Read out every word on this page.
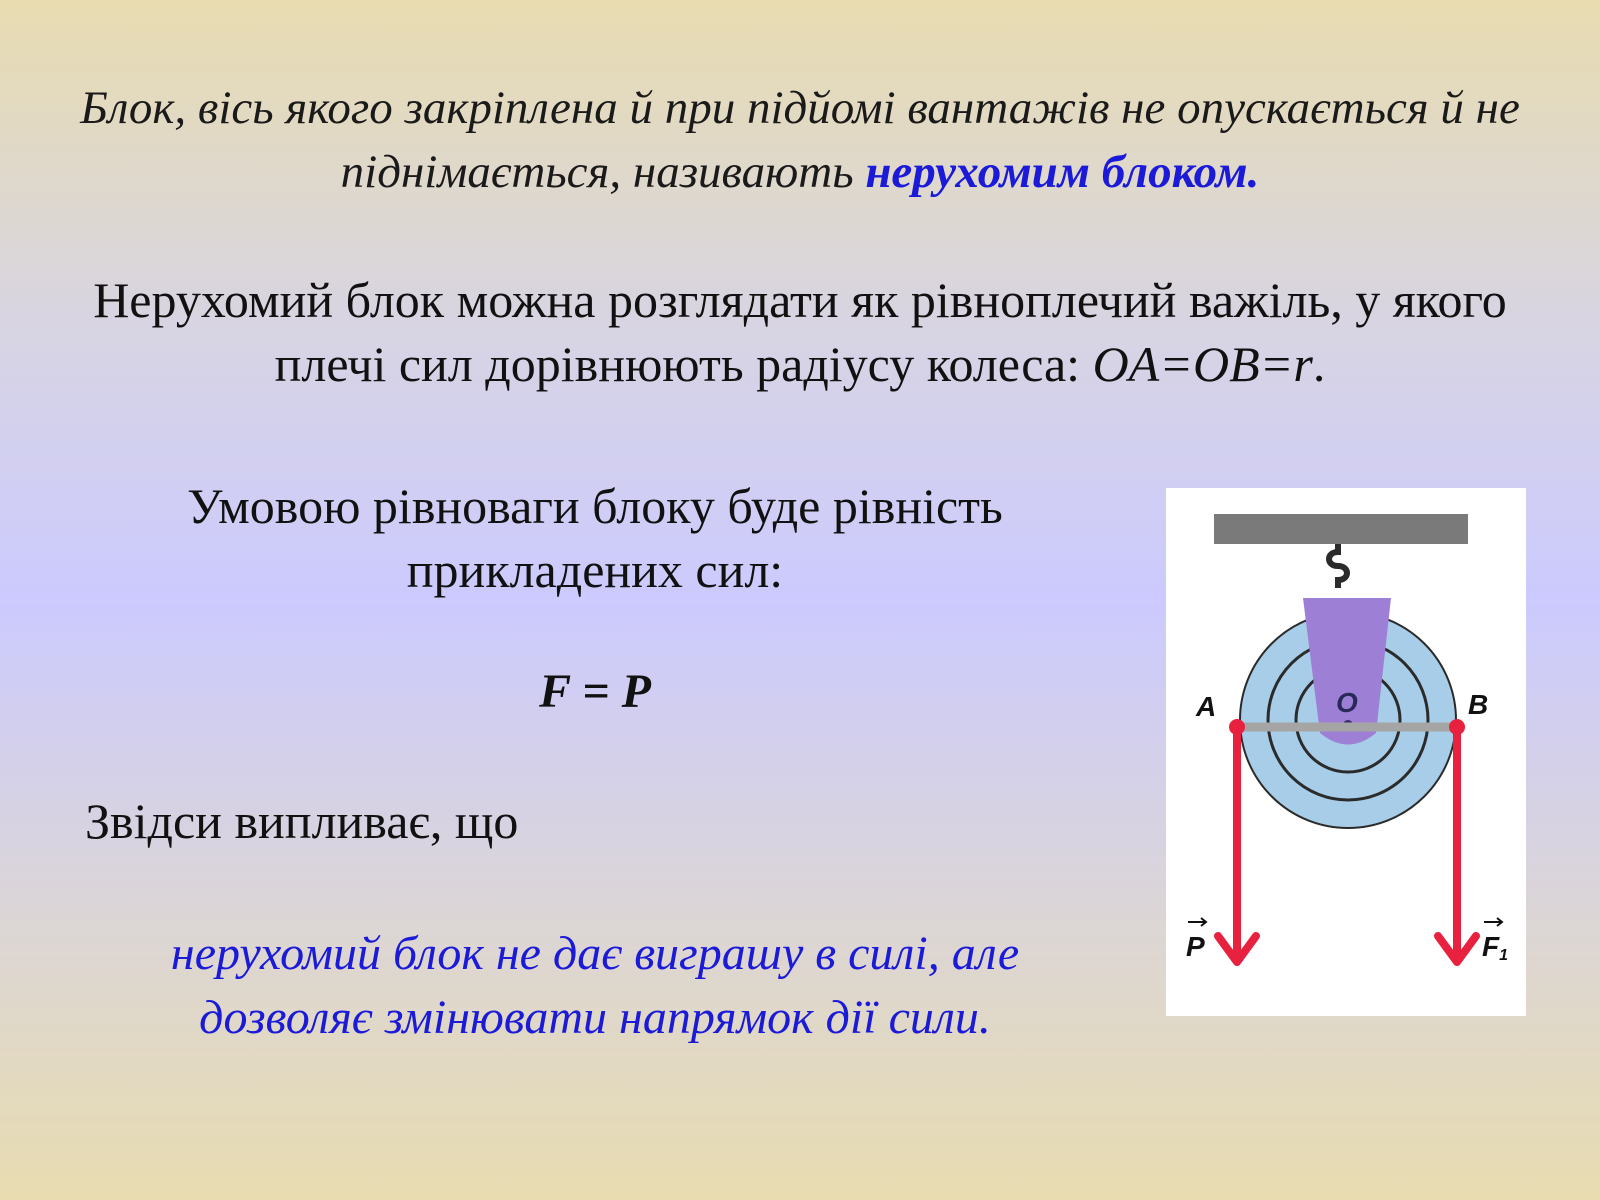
Блок, вісь якого закріплена й при підйомі вантажів не опускається й не піднімається, називають нерухомим блоком.

Нерухомий блок можна розглядати як рівноплечий важіль, у якого плечі сил дорівнюють радіусу колеса: OA=OB=r.

Умовою рівноваги блоку буде рівність прикладених сил:

F = P

Звідси випливає, що

нерухомий блок не дає виграшу в силі, але дозволяє змінювати напрямок дії сили.

A	B
O
P	F1
